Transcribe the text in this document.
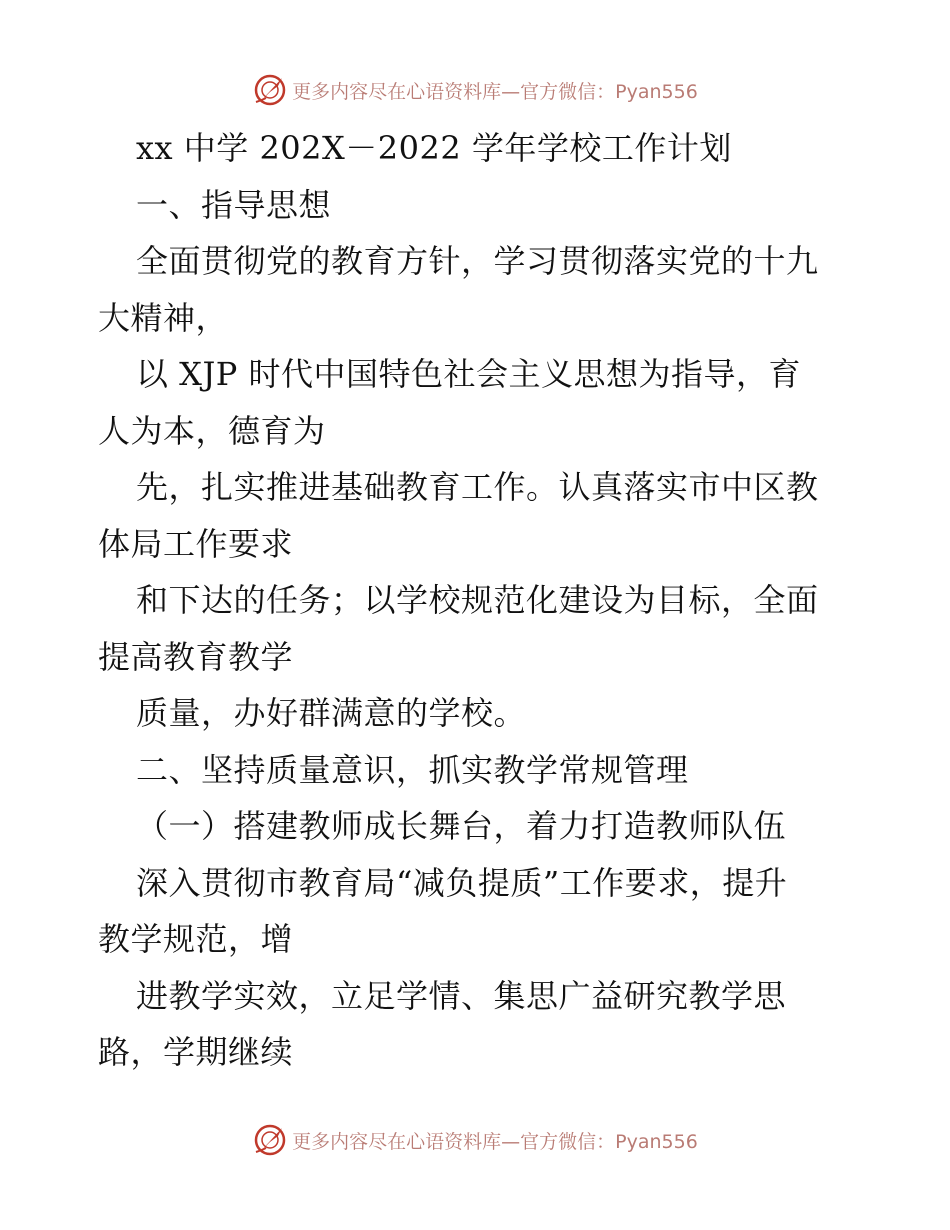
更多内容尽在心语资料库—官方微信：Pyan556
xx 中学 202X－2022 学年学校工作计划
一、指导思想
全面贯彻党的教育方针，学习贯彻落实党的十九
大精神，
以 XJP 时代中国特色社会主义思想为指导，育
人为本，德育为
先，扎实推进基础教育工作。认真落实市中区教
体局工作要求
和下达的任务；以学校规范化建设为目标，全面
提高教育教学
质量，办好群满意的学校。
二、坚持质量意识，抓实教学常规管理
（一）搭建教师成长舞台，着力打造教师队伍
深入贯彻市教育局“减负提质”工作要求，提升
教学规范，增
进教学实效，立足学情、集思广益研究教学思
路，学期继续
更多内容尽在心语资料库—官方微信：Pyan556
